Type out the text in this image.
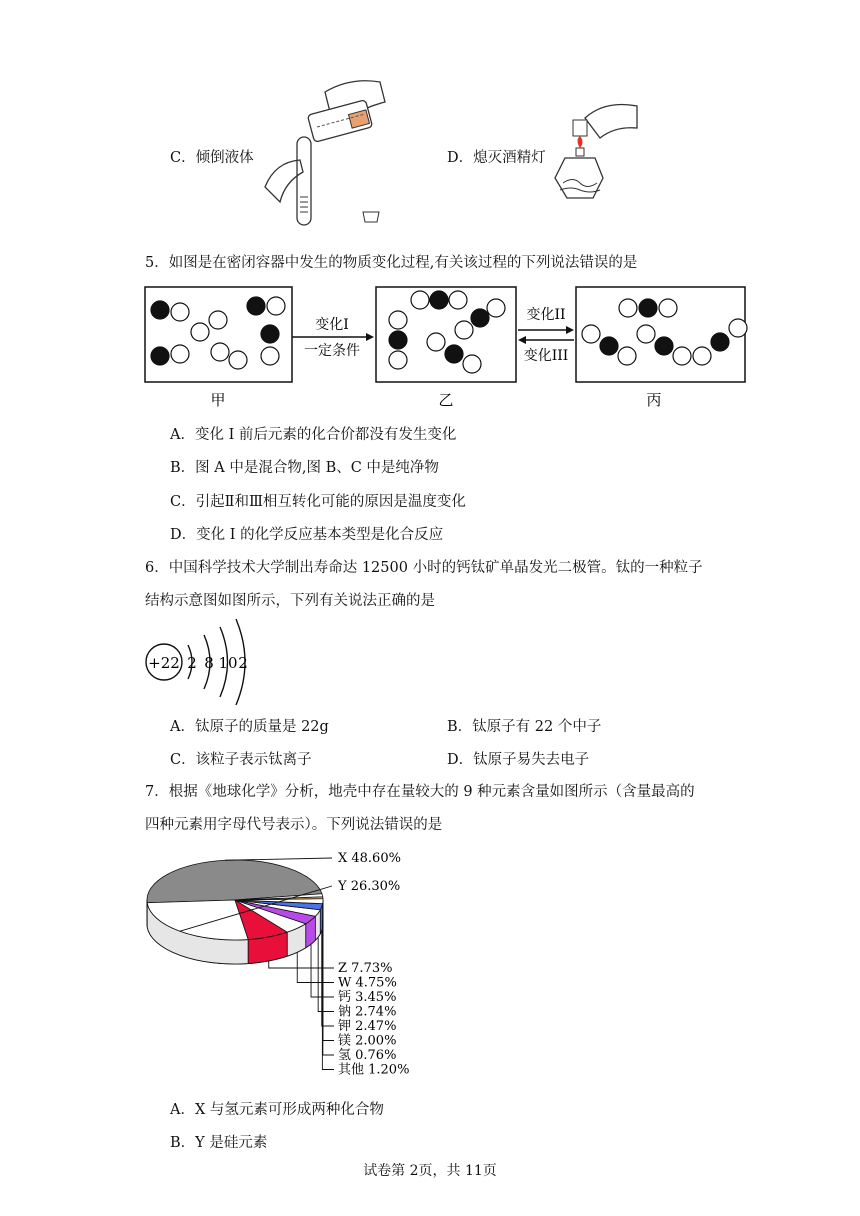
C．倾倒液体	D．熄灭酒精灯
5．如图是在密闭容器中发生的物质变化过程,有关该过程的下列说法错误的是
变化I
一定条件
变化II
变化III
甲	乙	丙
A．变化 I 前后元素的化合价都没有发生变化
B．图 A 中是混合物,图 B、C 中是纯净物
C．引起Ⅱ和Ⅲ相互转化可能的原因是温度变化
D．变化 I 的化学反应基本类型是化合反应
6．中国科学技术大学制出寿命达 12500 小时的钙钛矿单晶发光二极管。钛的一种粒子
结构示意图如图所示，下列有关说法正确的是
+22 2 8 10 2
A．钛原子的质量是 22g	B．钛原子有 22 个中子
C．该粒子表示钛离子	D．钛原子易失去电子
7．根据《地球化学》分析，地壳中存在量较大的 9 种元素含量如图所示（含量最高的
四种元素用字母代号表示）。下列说法错误的是
X 48.60%
Y 26.30%
Z 7.73%
W 4.75%
钙 3.45%
钠 2.74%
钾 2.47%
镁 2.00%
氢 0.76%
其他 1.20%
A．X 与氢元素可形成两种化合物
B．Y 是硅元素
试卷第 2页，共 11页
